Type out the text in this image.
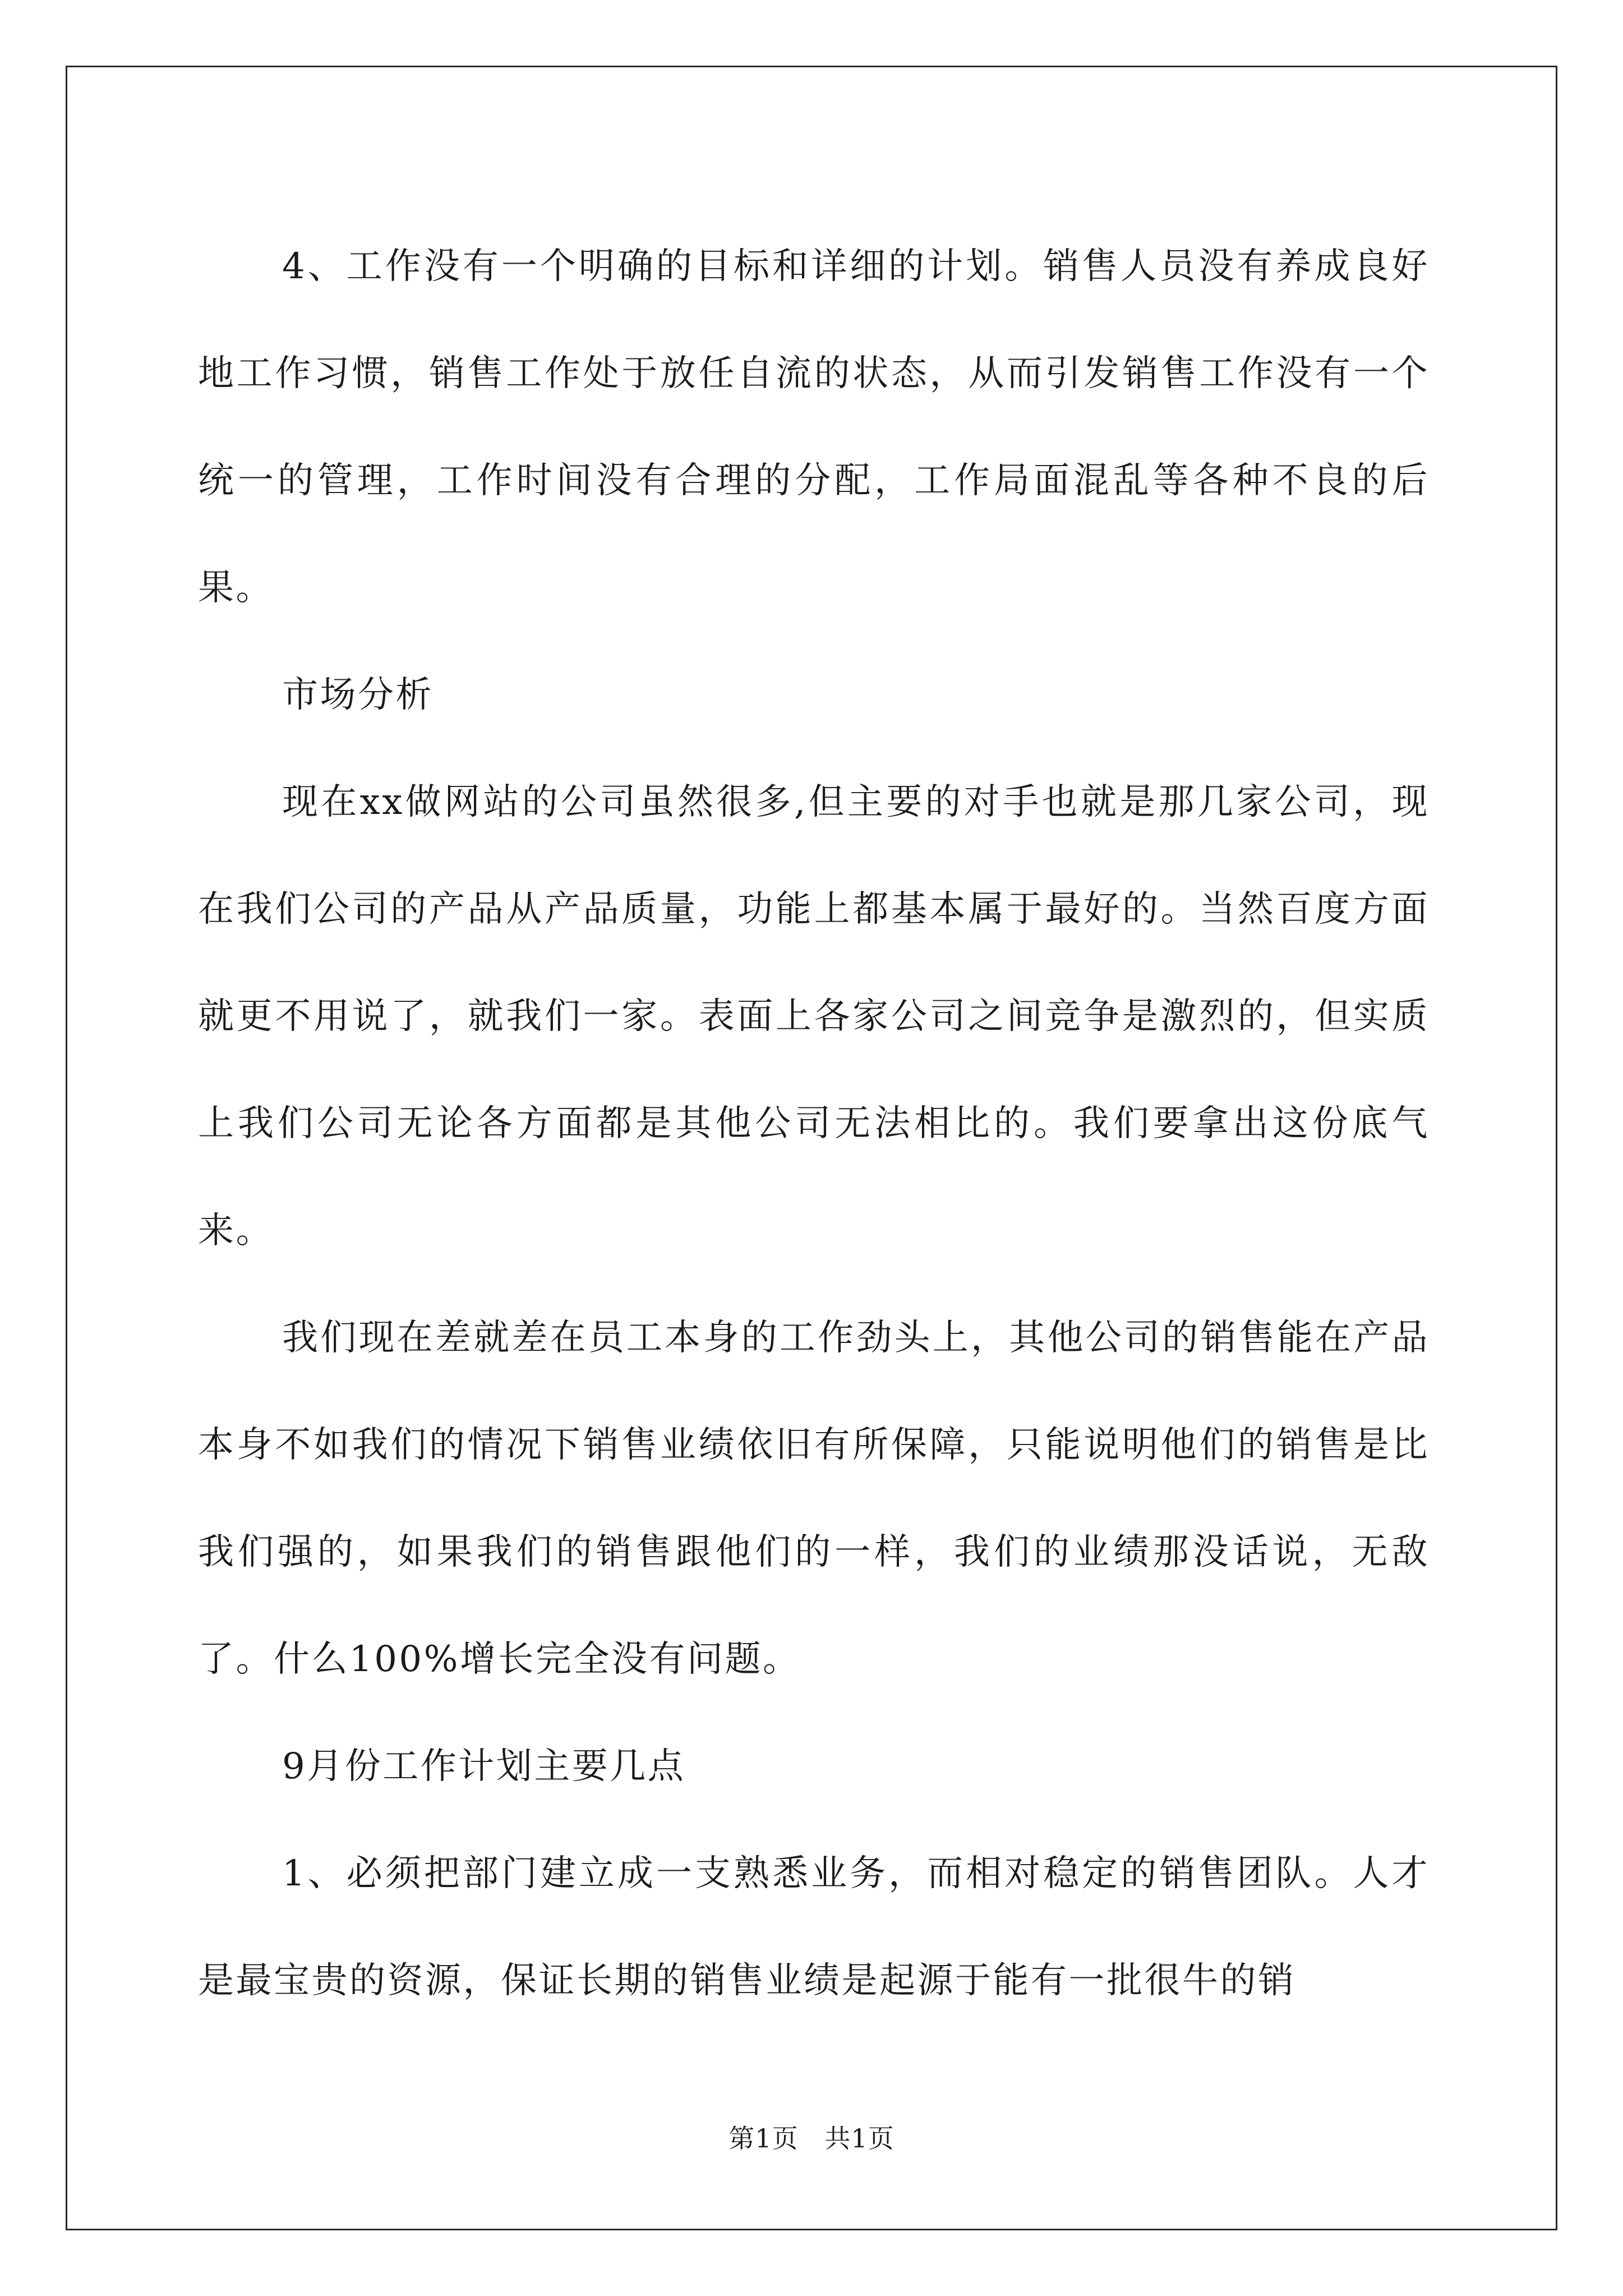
4、工作没有一个明确的目标和详细的计划。销售人员没有养成良好地工作习惯，销售工作处于放任自流的状态，从而引发销售工作没有一个统一的管理，工作时间没有合理的分配，工作局面混乱等各种不良的后果。

市场分析

现在xx做网站的公司虽然很多,但主要的对手也就是那几家公司，现在我们公司的产品从产品质量，功能上都基本属于最好的。当然百度方面就更不用说了，就我们一家。表面上各家公司之间竞争是激烈的，但实质上我们公司无论各方面都是其他公司无法相比的。我们要拿出这份底气来。

我们现在差就差在员工本身的工作劲头上，其他公司的销售能在产品本身不如我们的情况下销售业绩依旧有所保障，只能说明他们的销售是比我们强的，如果我们的销售跟他们的一样，我们的业绩那没话说，无敌了。什么100%增长完全没有问题。

9月份工作计划主要几点

1、必须把部门建立成一支熟悉业务，而相对稳定的销售团队。人才是最宝贵的资源，保证长期的销售业绩是起源于能有一批很牛的销

第1页   共1页
